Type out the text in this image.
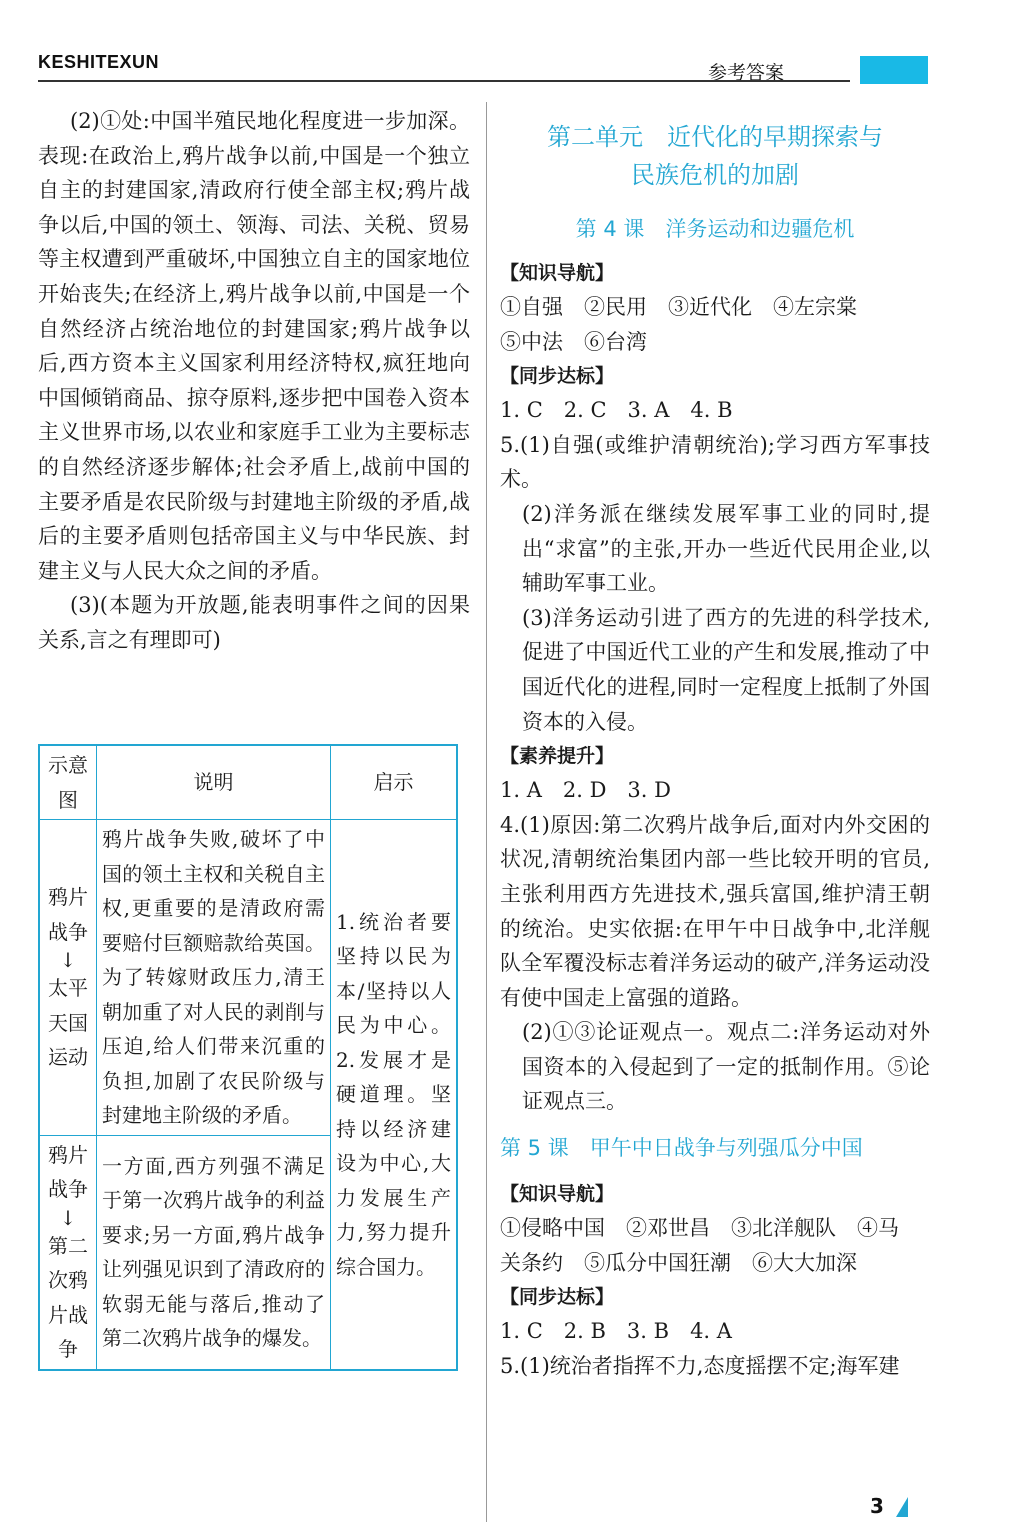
KESHITEXUN	参考答案

(2)①处:中国半殖民地化程度进一步加深。表现:在政治上,鸦片战争以前,中国是一个独立自主的封建国家,清政府行使全部主权;鸦片战争以后,中国的领土、领海、司法、关税、贸易等主权遭到严重破坏,中国独立自主的国家地位开始丧失;在经济上,鸦片战争以前,中国是一个自然经济占统治地位的封建国家;鸦片战争以后,西方资本主义国家利用经济特权,疯狂地向中国倾销商品、掠夺原料,逐步把中国卷入资本主义世界市场,以农业和家庭手工业为主要标志的自然经济逐步解体;社会矛盾上,战前中国的主要矛盾是农民阶级与封建地主阶级的矛盾,战后的主要矛盾则包括帝国主义与中华民族、封建主义与人民大众之间的矛盾。

(3)(本题为开放题,能表明事件之间的因果关系,言之有理即可)

示意图	说明	启示
鸦片战争
↓
太平天国运动	鸦片战争失败,破坏了中国的领土主权和关税自主权,更重要的是清政府需要赔付巨额赔款给英国。为了转嫁财政压力,清王朝加重了对人民的剥削与压迫,给人们带来沉重的负担,加剧了农民阶级与封建地主阶级的矛盾。	1.统治者要坚持以民为本/坚持以人民为中心。2.发展才是硬道理。坚持以经济建设为中心,大力发展生产力,努力提升综合国力。
鸦片战争
↓
第二次鸦片战争	一方面,西方列强不满足于第一次鸦片战争的利益要求;另一方面,鸦片战争让列强见识到了清政府的软弱无能与落后,推动了第二次鸦片战争的爆发。	
第二单元　近代化的早期探索与
民族危机的加剧
第 4 课　洋务运动和边疆危机

【知识导航】

①自强　②民用　③近代化　④左宗棠

⑤中法　⑥台湾

【同步达标】

1. C　2. C　3. A　4. B

5.(1)自强(或维护清朝统治);学习西方军事技术。

(2)洋务派在继续发展军事工业的同时,提出“求富”的主张,开办一些近代民用企业,以辅助军事工业。

(3)洋务运动引进了西方的先进的科学技术,促进了中国近代工业的产生和发展,推动了中国近代化的进程,同时一定程度上抵制了外国资本的入侵。

【素养提升】

1. A　2. D　3. D

4.(1)原因:第二次鸦片战争后,面对内外交困的状况,清朝统治集团内部一些比较开明的官员,主张利用西方先进技术,强兵富国,维护清王朝的统治。史实依据:在甲午中日战争中,北洋舰队全军覆没标志着洋务运动的破产,洋务运动没有使中国走上富强的道路。

(2)①③论证观点一。观点二:洋务运动对外国资本的入侵起到了一定的抵制作用。⑤论证观点三。

第 5 课　甲午中日战争与列强瓜分中国

【知识导航】

①侵略中国　②邓世昌　③北洋舰队　④马

关条约　⑤瓜分中国狂潮　⑥大大加深

【同步达标】

1. C　2. B　3. B　4. A

5.(1)统治者指挥不力,态度摇摆不定;海军建

3
